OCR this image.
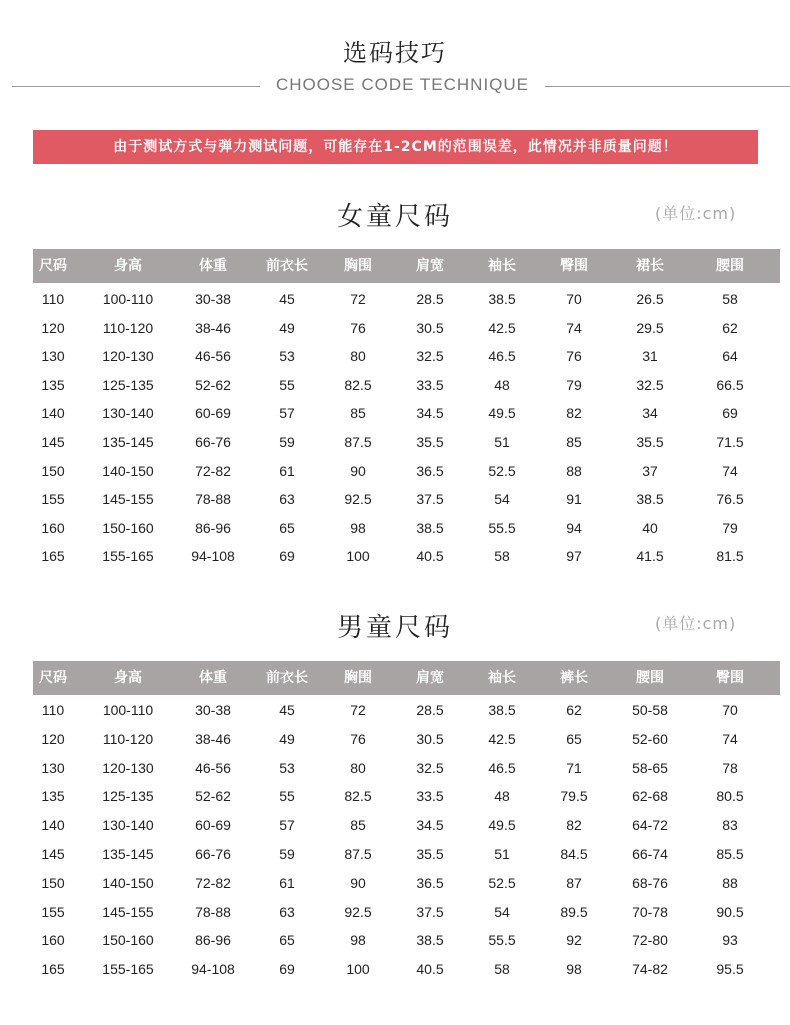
选码技巧
CHOOSE CODE TECHNIQUE
由于测试方式与弹力测试问题，可能存在1-2CM的范围误差，此情况并非质量问题！
女童尺码	(单位:cm)
尺码	身高	体重	前衣长	胸围	肩宽	袖长	臀围	裙长	腰围
110	100-110	30-38	45	72	28.5	38.5	70	26.5	58
120	110-120	38-46	49	76	30.5	42.5	74	29.5	62
130	120-130	46-56	53	80	32.5	46.5	76	31	64
135	125-135	52-62	55	82.5	33.5	48	79	32.5	66.5
140	130-140	60-69	57	85	34.5	49.5	82	34	69
145	135-145	66-76	59	87.5	35.5	51	85	35.5	71.5
150	140-150	72-82	61	90	36.5	52.5	88	37	74
155	145-155	78-88	63	92.5	37.5	54	91	38.5	76.5
160	150-160	86-96	65	98	38.5	55.5	94	40	79
165	155-165	94-108	69	100	40.5	58	97	41.5	81.5
男童尺码	(单位:cm)
尺码	身高	体重	前衣长	胸围	肩宽	袖长	裤长	腰围	臀围
110	100-110	30-38	45	72	28.5	38.5	62	50-58	70
120	110-120	38-46	49	76	30.5	42.5	65	52-60	74
130	120-130	46-56	53	80	32.5	46.5	71	58-65	78
135	125-135	52-62	55	82.5	33.5	48	79.5	62-68	80.5
140	130-140	60-69	57	85	34.5	49.5	82	64-72	83
145	135-145	66-76	59	87.5	35.5	51	84.5	66-74	85.5
150	140-150	72-82	61	90	36.5	52.5	87	68-76	88
155	145-155	78-88	63	92.5	37.5	54	89.5	70-78	90.5
160	150-160	86-96	65	98	38.5	55.5	92	72-80	93
165	155-165	94-108	69	100	40.5	58	98	74-82	95.5
